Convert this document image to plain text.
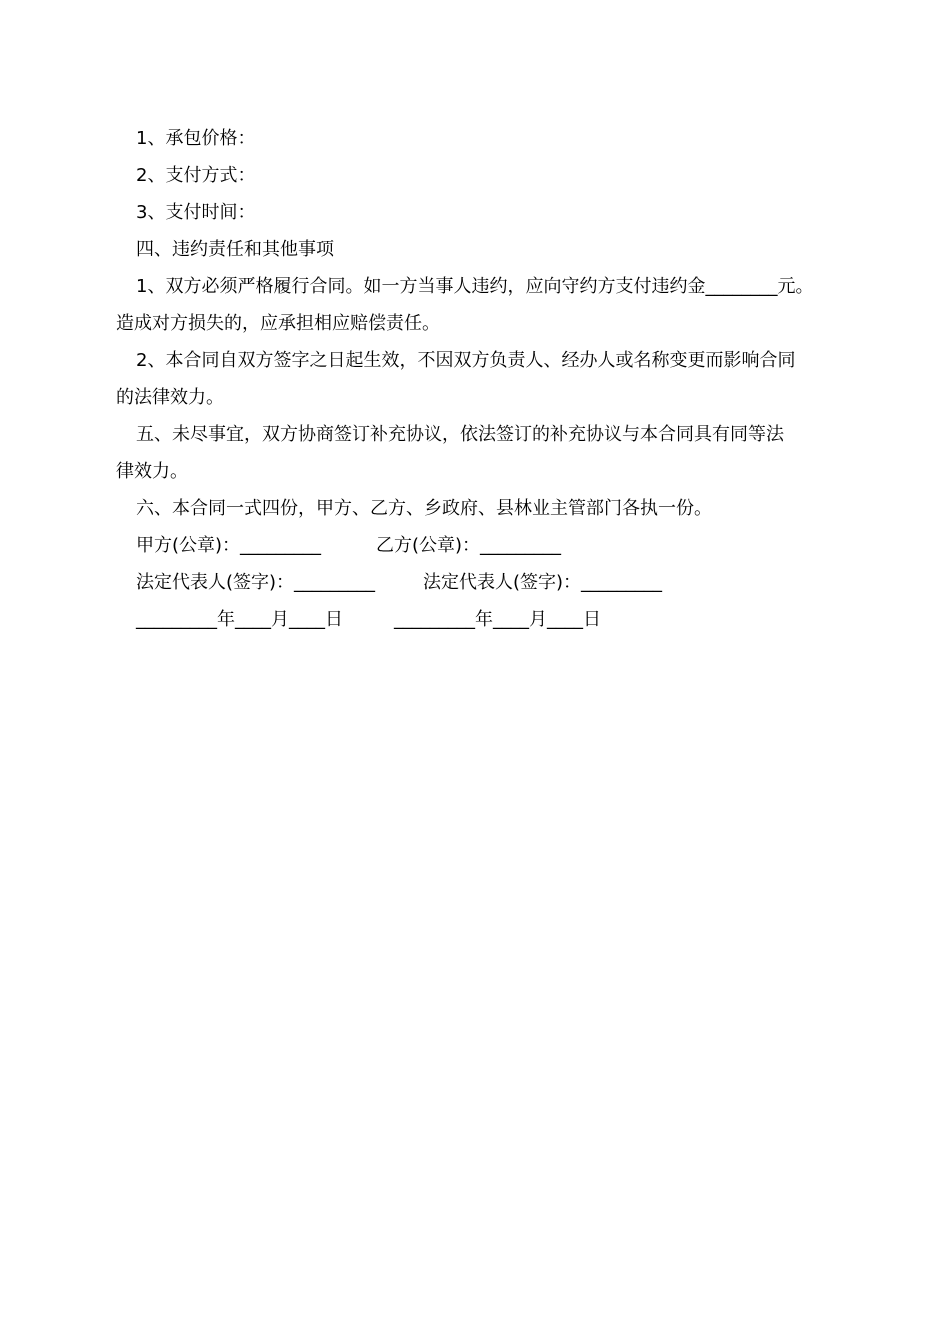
1、承包价格：

2、支付方式：

3、支付时间：

四、违约责任和其他事项

1、双方必须严格履行合同。如一方当事人违约，应向守约方支付违约金________元。

造成对方损失的，应承担相应赔偿责任。

2、本合同自双方签字之日起生效，不因双方负责人、经办人或名称变更而影响合同

的法律效力。

五、未尽事宜，双方协商签订补充协议，依法签订的补充协议与本合同具有同等法

律效力。

六、本合同一式四份，甲方、乙方、乡政府、县林业主管部门各执一份。

甲方(公章)：_________	乙方(公章)：_________
法定代表人(签字)：_________	法定代表人(签字)：_________
_________年____月____日	_________年____月____日
